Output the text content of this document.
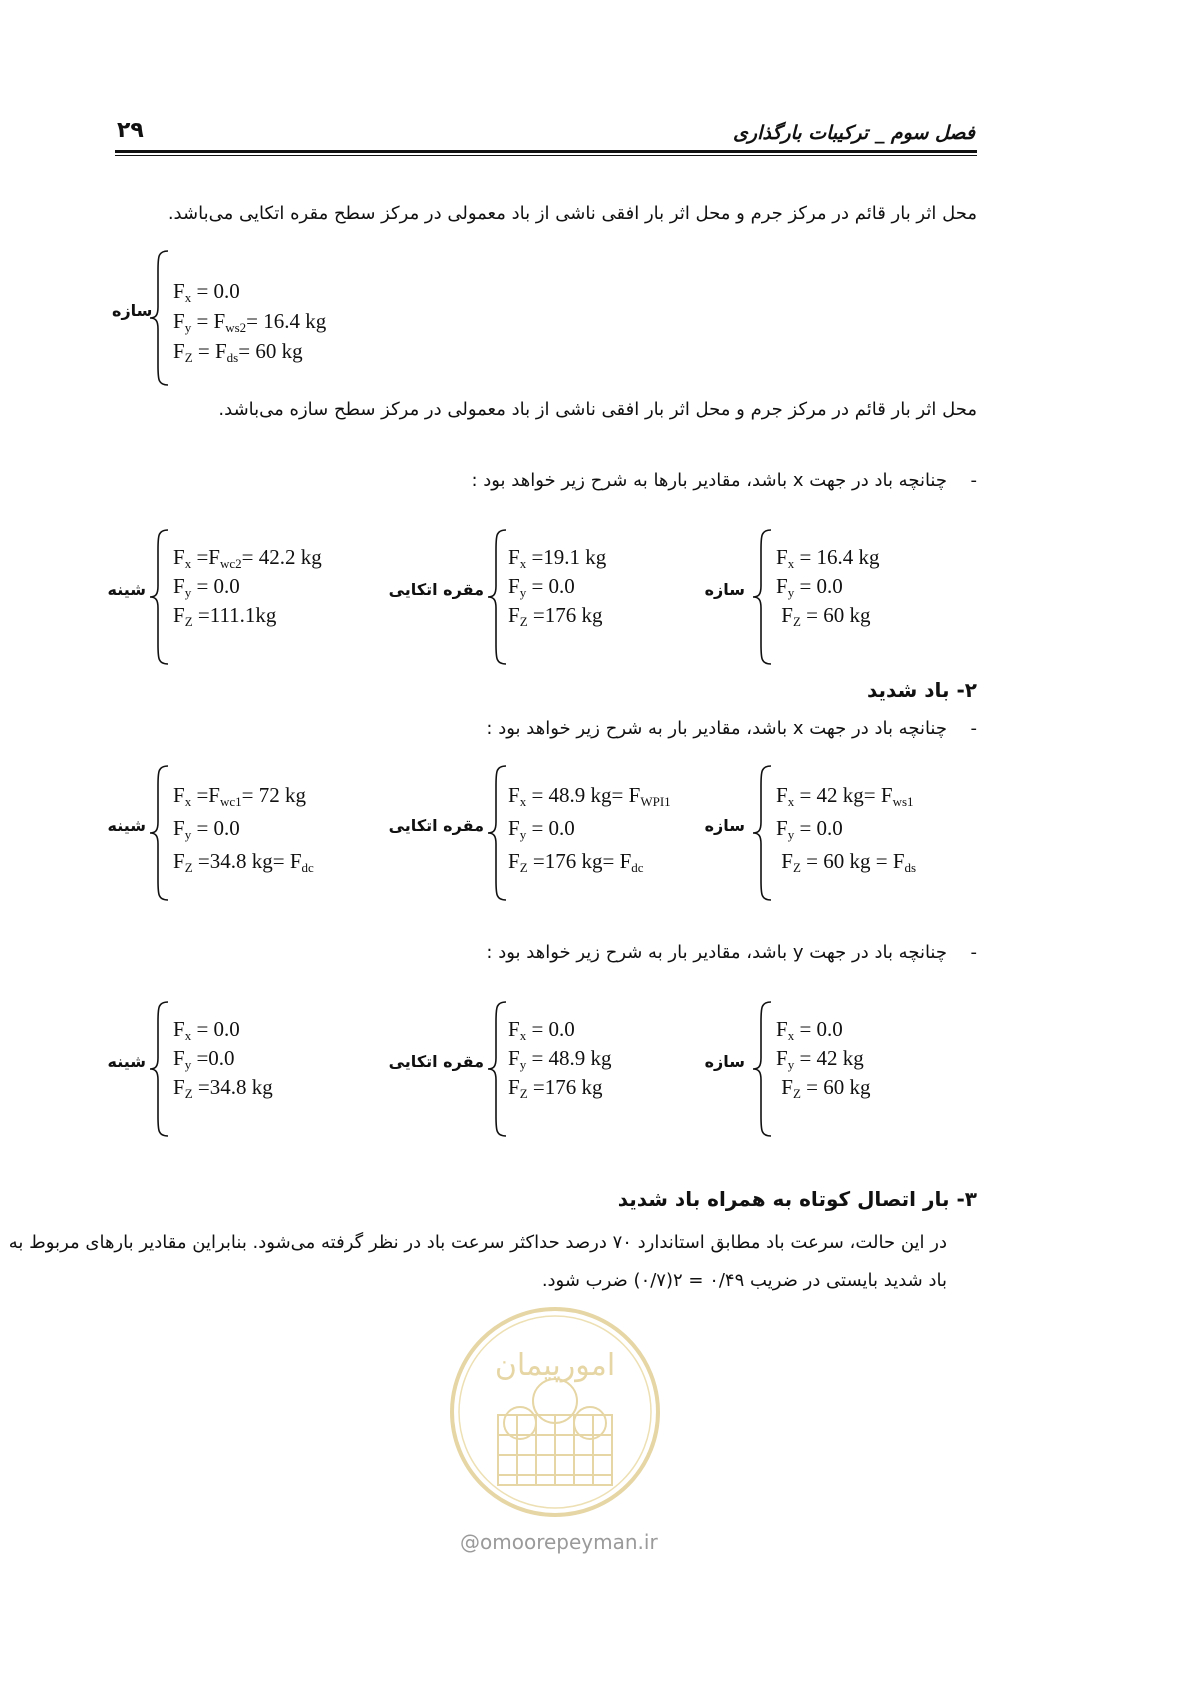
فصل سوم _ ترکیبات بارگذاری
۲۹
محل اثر بار قائم در مرکز جرم و محل اثر بار افقی ناشی از باد معمولی در مرکز سطح مقره اتکایی می‌باشد.
سازه
$F_x = 0.0$
$F_y = F_{ws2}= 16.4$ kg
$F_Z = F_{ds}= 60$ kg
محل اثر بار قائم در مرکز جرم و محل اثر بار افقی ناشی از باد معمولی در مرکز سطح سازه می‌باشد.
-
چنانچه باد در جهت x باشد، مقادیر بارها به شرح زیر خواهد بود :
سازه
$F_x = 16.4$ kg
$F_y = 0.0$
$F_Z = 60$ kg
مقره اتکایی
$F_x =19.1$ kg
$F_y = 0.0$
$F_Z =176$ kg
شینه
$F_x =F_{wc2}= 42.2$ kg
$F_y = 0.0$
$F_Z =111.1kg$
۲- باد شدید
-
چنانچه باد در جهت x باشد، مقادیر بار به شرح زیر خواهد بود :
سازه
$F_x = 42$ $kg= F_{ws1}$
$F_y = 0.0$
$F_Z = 60$ kg = $F_{ds}$
مقره اتکایی
$F_x = 48.9$ $kg= F_{WPI1}$
$F_y = 0.0$
$F_Z =176$ $kg= F_{dc}$
شینه
$F_x =F_{wc1}= 72$ kg
$F_y = 0.0$
$F_Z =34.8$ $kg= F_{dc}$
-
چنانچه باد در جهت y باشد، مقادیر بار به شرح زیر خواهد بود :
سازه
$F_x = 0.0$
$F_y = 42$ kg
$F_Z = 60$ kg
مقره اتکایی
$F_x = 0.0$
$F_y = 48.9$ kg
$F_Z =176$ kg
شینه
$F_x = 0.0$
$F_y =0.0$
$F_Z =34.8$ kg
۳- بار اتصال کوتاه به همراه باد شدید
در این حالت، سرعت باد مطابق استاندارد ۷۰ درصد حداکثر سرعت باد در نظر گرفته می‌شود. بنابراین مقادیر بارهای مربوط به
باد شدید بایستی در ضریب ۰/۴۹ = ۲(۰/۷) ضرب شود.
امورپیمان
@omoorepeyman.ir
